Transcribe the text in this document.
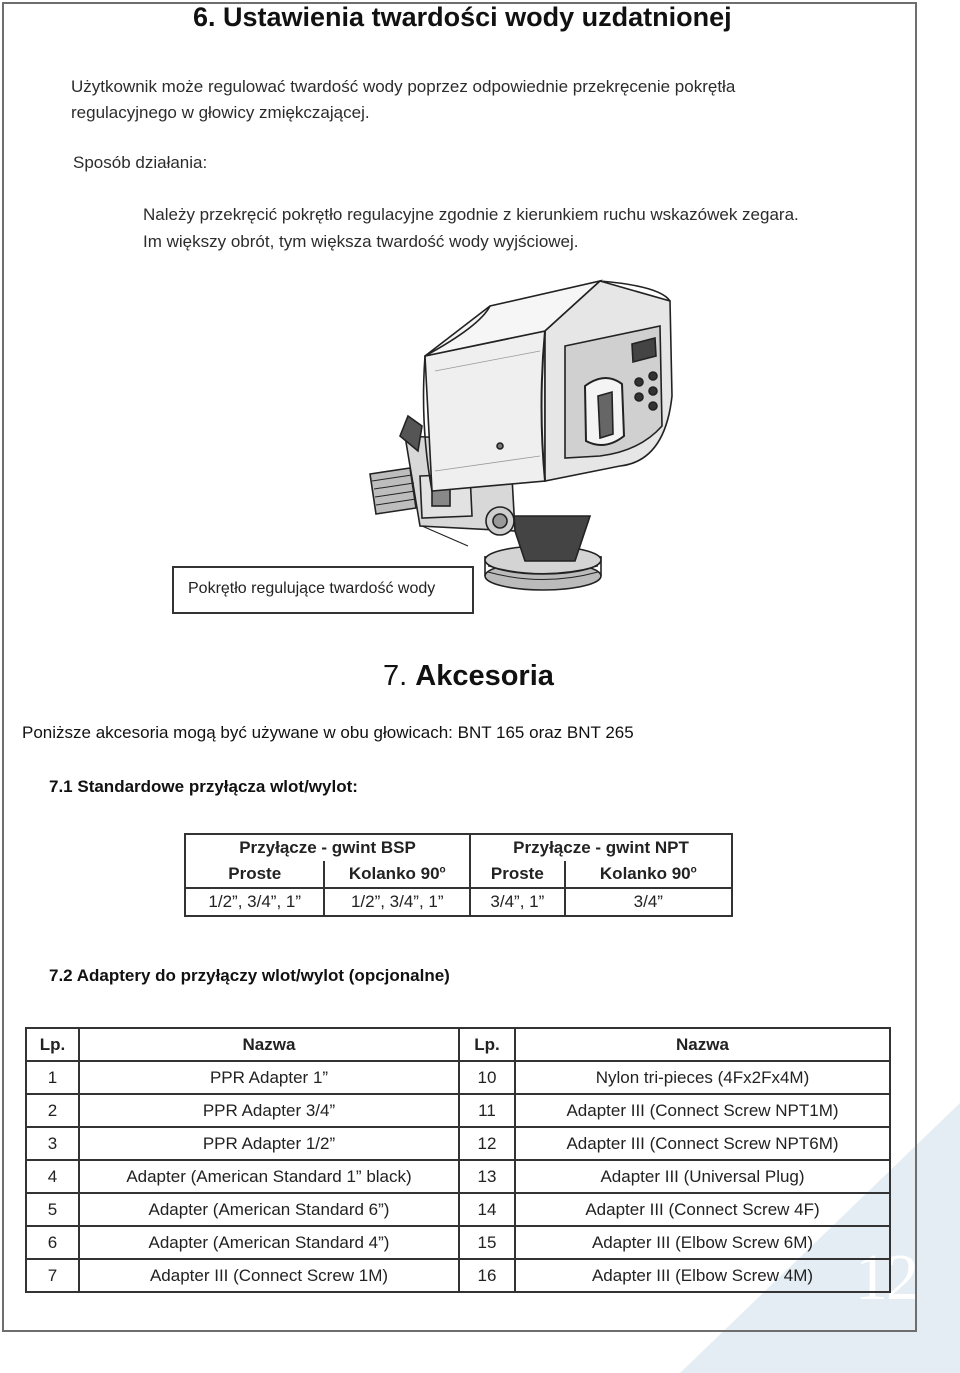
12
6. Ustawienia twardości wody uzdatnionej
Użytkownik może regulować twardość wody poprzez odpowiednie przekręcenie pokrętła
regulacyjnego w głowicy zmiękczającej.
Sposób działania:
Należy przekręcić pokrętło regulacyjne zgodnie z kierunkiem ruchu wskazówek zegara.
Im większy obrót, tym większa twardość wody wyjściowej.
Pokrętło regulujące twardość wody
7. Akcesoria
Poniższe akcesoria mogą być używane w obu głowicach: BNT 165 oraz BNT 265
7.1 Standardowe przyłącza wlot/wylot:
Przyłącze - gwint BSP		Przyłącze - gwint NPT	
Proste	Kolanko 90$^o$	Proste	Kolanko 90$^o$
1/2”, 3/4”, 1”	1/2”, 3/4”, 1”	3/4”, 1”	3/4”
7.2 Adaptery do przyłączy wlot/wylot (opcjonalne)
Lp.	Nazwa	Lp.	Nazwa
1	PPR Adapter 1”	10	Nylon tri-pieces (4Fx2Fx4M)
2	PPR Adapter 3/4”	11	Adapter III (Connect Screw NPT1M)
3	PPR Adapter 1/2”	12	Adapter III (Connect Screw NPT6M)
4	Adapter (American Standard 1” black)	13	Adapter III (Universal Plug)
5	Adapter (American Standard 6”)	14	Adapter III (Connect Screw 4F)
6	Adapter (American Standard 4”)	15	Adapter III (Elbow Screw 6M)
7	Adapter III (Connect Screw 1M)	16	Adapter III (Elbow Screw 4M)
